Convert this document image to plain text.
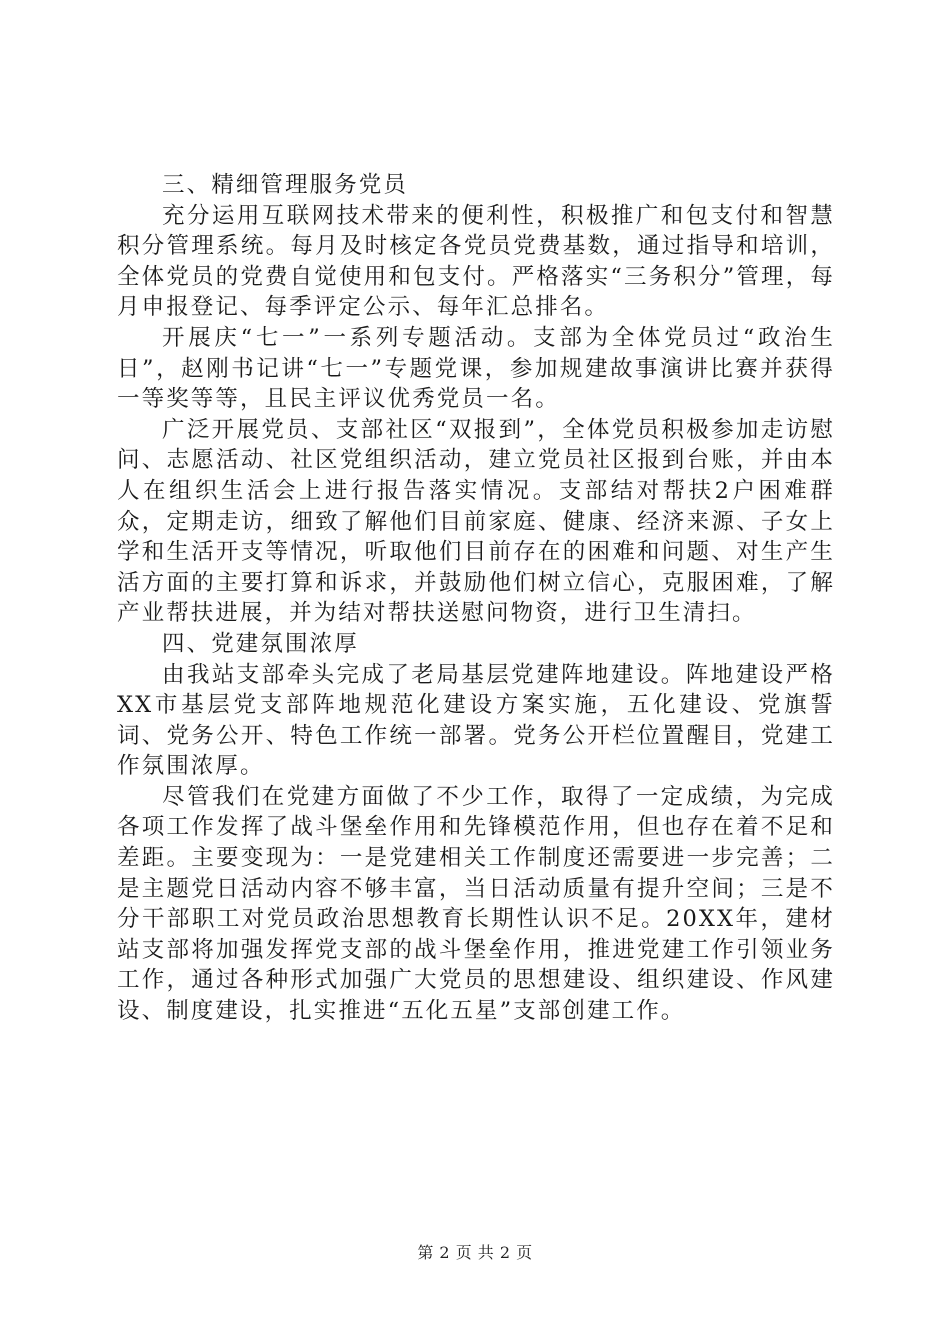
三、精细管理服务党员

充分运用互联网技术带来的便利性，积极推广和包支付和智慧积分管理系统。每月及时核定各党员党费基数，通过指导和培训，全体党员的党费自觉使用和包支付。严格落实“三务积分”管理，每月申报登记、每季评定公示、每年汇总排名。

开展庆“七一”一系列专题活动。支部为全体党员过“政治生日”，赵刚书记讲“七一”专题党课，参加规建故事演讲比赛并获得一等奖等等，且民主评议优秀党员一名。

广泛开展党员、支部社区“双报到”，全体党员积极参加走访慰问、志愿活动、社区党组织活动，建立党员社区报到台账，并由本人在组织生活会上进行报告落实情况。支部结对帮扶2户困难群众，定期走访，细致了解他们目前家庭、健康、经济来源、子女上学和生活开支等情况，听取他们目前存在的困难和问题、对生产生活方面的主要打算和诉求，并鼓励他们树立信心，克服困难，了解产业帮扶进展，并为结对帮扶送慰问物资，进行卫生清扫。

四、党建氛围浓厚

由我站支部牵头完成了老局基层党建阵地建设。阵地建设严格XX市基层党支部阵地规范化建设方案实施，五化建设、党旗誓词、党务公开、特色工作统一部署。党务公开栏位置醒目，党建工作氛围浓厚。

尽管我们在党建方面做了不少工作，取得了一定成绩，为完成各项工作发挥了战斗堡垒作用和先锋模范作用，但也存在着不足和差距。主要变现为：一是党建相关工作制度还需要进一步完善；二是主题党日活动内容不够丰富，当日活动质量有提升空间；三是不分干部职工对党员政治思想教育长期性认识不足。20XX年，建材站支部将加强发挥党支部的战斗堡垒作用，推进党建工作引领业务工作，通过各种形式加强广大党员的思想建设、组织建设、作风建设、制度建设，扎实推进“五化五星”支部创建工作。

第 2 页 共 2 页
